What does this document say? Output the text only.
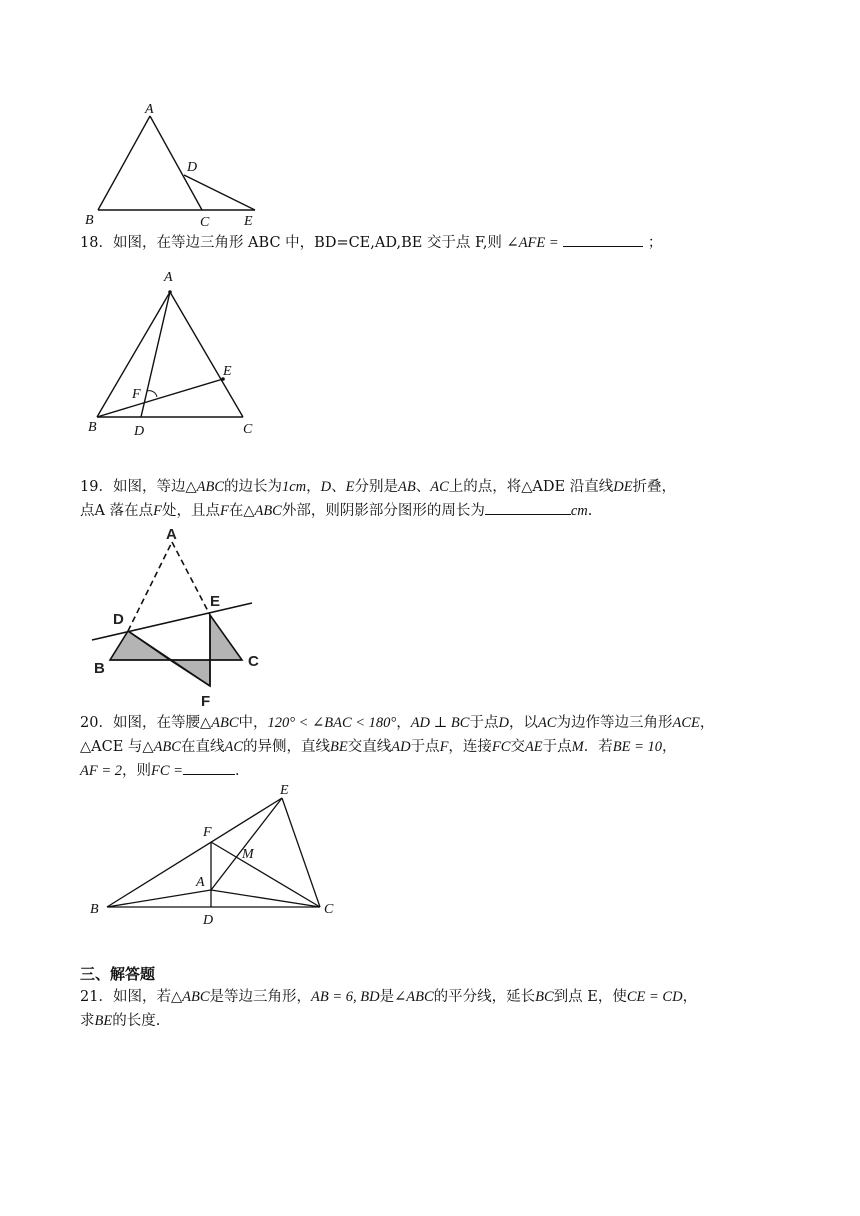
A
B	C
D
E
18．如图，在等边三角形 ABC 中，BD=CE,AD,BE 交于点 F,则 ∠AFE =	；
A
B	C
D
E
F
19．如图，等边△ABC的边长为1cm，D、E分别是AB、AC上的点，将△ADE 沿直线DE折叠，
点A 落在点F处，且点F在△ABC外部，则阴影部分图形的周长为	cm.
A
B	C
D
E
F
20．如图，在等腰△ABC中，120° < ∠BAC < 180°，AD ⊥ BC于点D，以AC为边作等边三角形ACE，
△ACE 与△ABC在直线AC的异侧，直线BE交直线AD于点F，连接FC交AE于点M．若BE = 10，
AF = 2，则FC =	．
B	C
D
E
F
A
M
三、解答题
21．如图，若△ABC是等边三角形，AB = 6, BD是∠ABC的平分线，延长BC到点 E，使CE = CD，
求BE的长度.
